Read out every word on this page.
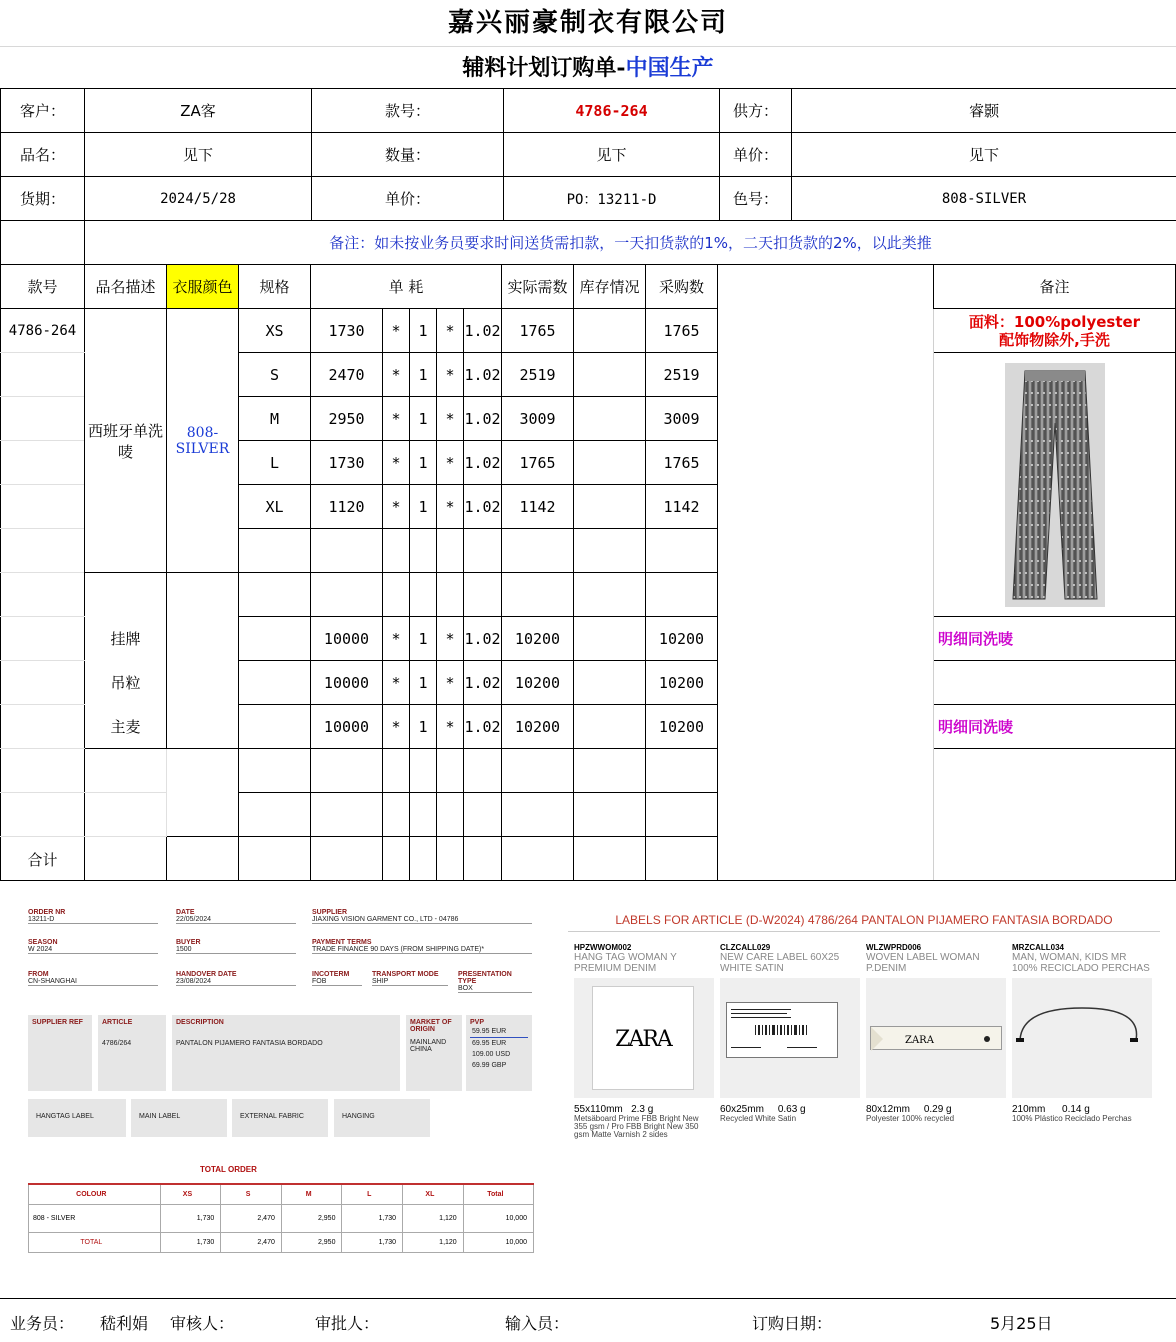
嘉兴丽豪制衣有限公司
辅料计划订购单-中国生产
客户：	ZA客	款号：	4786-264	供方：	睿颢
品名：	见下	数量：	见下	单价：	见下
货期：	2024/5/28	单价：	PO：13211-D	色号：	808-SILVER
	备注：如未按业务员要求时间送货需扣款，一天扣货款的1%，二天扣货款的2%，以此类推				
款号	品名描述	衣服颜色	规格	单 耗					实际需数	库存情况	采购数		备注	
4786-264	西班牙单洗唛	808-SILVER	XS	1730	*	1	*	1.02	1765		1765		面料：100%polyester
配饰物除外,手洗	
			S	2470	*	1	*	1.02	2519		2519	

			M	2950	*	1	*	1.02	3009		3009			
			L	1730	*	1	*	1.02	1765		1765			
			XL	1120	*	1	*	1.02	1142		1142			

	挂牌			10000	*	1	*	1.02	10200		10200		明细同洗唛	
	吊粒			10000	*	1	*	1.02	10200		10200			
	主麦			10000	*	1	*	1.02	10200		10200		明细同洗唛	

合计														
ORDER NR
13211-D
DATE
22/05/2024
SUPPLIER
JIAXING VISION GARMENT CO., LTD - 04786
SEASON
W 2024
BUYER
1500
PAYMENT TERMS
TRADE FINANCE 90 DAYS (FROM SHIPPING DATE)*
FROM
CN-SHANGHAI
HANDOVER DATE
23/08/2024
INCOTERM
FOB
TRANSPORT MODE
SHIP
PRESENTATION TYPE
BOX
SUPPLIER REF	ARTICLE
4786/264
DESCRIPTION
PANTALON PIJAMERO FANTASIA BORDADO
MARKET OF ORIGIN
MAINLAND CHINA
PVP
59.95 EUR
69.95 EUR
109.00 USD
69.99 GBP
HANGTAG LABEL	MAIN LABEL	EXTERNAL FABRIC	HANGING
TOTAL ORDER
COLOUR	XS	S	M	L	XL	Total
808 - SILVER	1,730	2,470	2,950	1,730	1,120	10,000
TOTAL	1,730	2,470	2,950	1,730	1,120	10,000
LABELS FOR ARTICLE (D-W2024) 4786/264 PANTALON PIJAMERO FANTASIA BORDADO
HPZWWOM002
HANG TAG WOMAN Y PREMIUM DENIM
ZARA
55x110mm 2.3 g
Metsäboard Prime FBB Bright New 355 gsm / Pro FBB Bright New 350 gsm Matte Varnish 2 sides
CLZCALL029
NEW CARE LABEL 60X25 WHITE SATIN
60x25mm 0.63 g
Recycled White Satin
WLZWPRD006
WOVEN LABEL WOMAN P.DENIM
ZARA
80x12mm 0.29 g
Polyester 100% recycled
MRZCALL034
MAN, WOMAN, KIDS MR 100% RECICLADO PERCHAS
210mm 0.14 g
100% Plástico Reciclado Perchas
业务员： 嵇利娟 审核人：	审批人：	输入员：	订购日期：	5月25日
